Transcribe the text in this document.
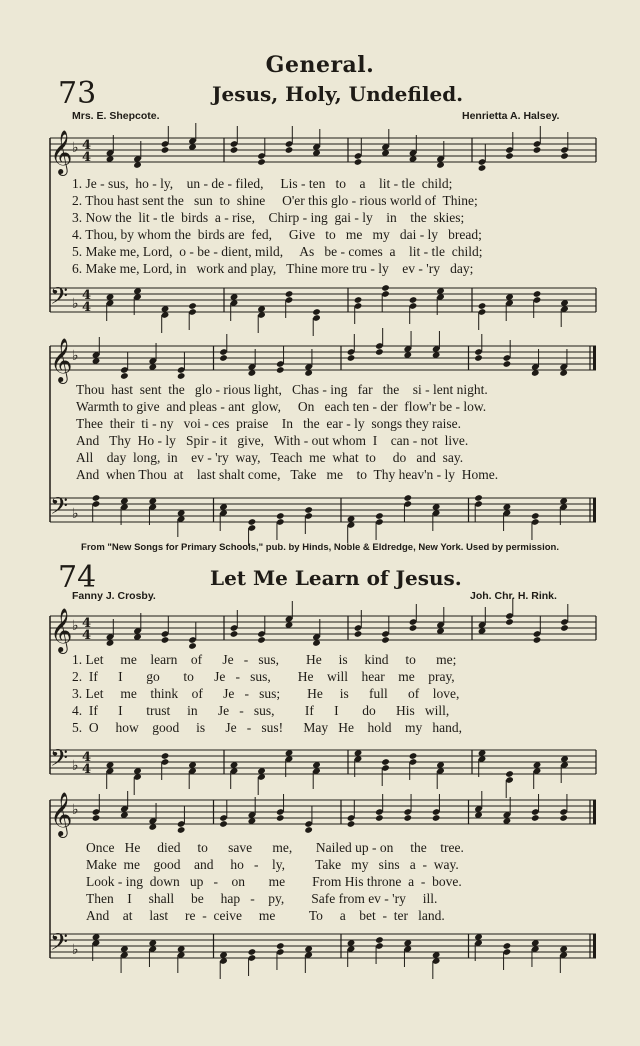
General.
73	Jesus, Holy, Undefiled.
Mrs. E. Shepcote.	Henrietta A. Halsey.
𝄞 ♭ 4
4
𝄢 ♭
4
4
1. Je - sus,  ho - ly,    un - de - filed,     Lis - ten   to    a    lit - tle  child;
2. Thou hast sent the   sun  to  shine     O'er this glo - rious world of  Thine;
3. Now the  lit - tle  birds  a - rise,    Chirp - ing  gai - ly    in    the  skies;
4. Thou, by whom the  birds are  fed,     Give   to   me   my   dai - ly   bread;
5. Make me, Lord,  o - be - dient, mild,     As   be - comes  a    lit - tle  child;
6. Make me, Lord, in   work and play,   Thine more tru - ly    ev - 'ry   day;
𝄞 ♭
𝄢 ♭
Thou  hast  sent  the   glo - rious light,   Chas - ing   far   the    si - lent night.
Warmth to give  and pleas - ant  glow,     On   each ten - der  flow'r be - low.
Thee  their  ti - ny   voi - ces  praise    In   the  ear - ly  songs they raise.
And   Thy  Ho - ly   Spir - it   give,   With - out whom  I    can - not  live.
All    day  long,  in    ev - 'ry  way,   Teach  me  what  to     do   and  say.
And  when Thou  at    last shalt come,   Take   me    to  Thy heav'n - ly  Home.
From "New Songs for Primary Schools," pub. by Hinds, Noble & Eldredge, New York. Used by permission.
74	Let Me Learn of Jesus.
Fanny J. Crosby.	Joh. Chr. H. Rink.
𝄞 ♭ 4
4
𝄢 ♭
4
4
1. Let     me    learn    of      Je   -   sus,        He     is     kind     to      me;
2.  If      I       go       to      Je   -   sus,        He    will    hear    me    pray,
3. Let     me    think    of      Je   -   sus;        He     is      full      of    love,
4.  If      I       trust     in      Je   -   sus,         If      I       do      His   will,
5.  O     how    good     is      Je   -   sus!      May   He    hold    my   hand,
𝄞 ♭
𝄢 ♭
Once   He     died     to      save      me,       Nailed up - on     the    tree.
Make  me    good    and     ho   -    ly,         Take   my   sins   a  -  way.
Look - ing  down   up   -    on       me        From His throne  a  -  bove.
Then    I     shall     be     hap   -    py,        Safe from ev - 'ry     ill.
And    at     last     re  -  ceive     me          To     a    bet  -  ter   land.
